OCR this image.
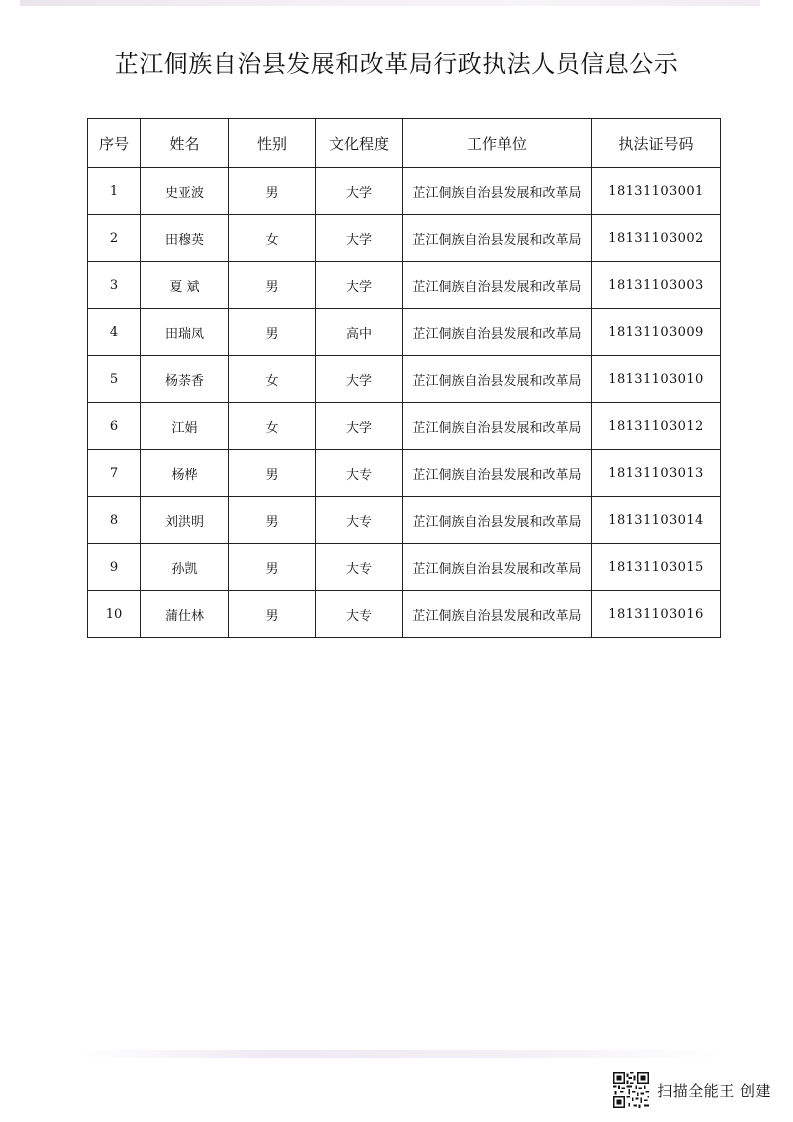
芷江侗族自治县发展和改革局行政执法人员信息公示
序号	姓名	性别	文化程度	工作单位	执法证号码
1	史亚波	男	大学	芷江侗族自治县发展和改革局	18131103001
2	田穆英	女	大学	芷江侗族自治县发展和改革局	18131103002
3	夏 斌	男	大学	芷江侗族自治县发展和改革局	18131103003
4	田瑞凤	男	高中	芷江侗族自治县发展和改革局	18131103009
5	杨荼香	女	大学	芷江侗族自治县发展和改革局	18131103010
6	江娟	女	大学	芷江侗族自治县发展和改革局	18131103012
7	杨桦	男	大专	芷江侗族自治县发展和改革局	18131103013
8	刘洪明	男	大专	芷江侗族自治县发展和改革局	18131103014
9	孙凯	男	大专	芷江侗族自治县发展和改革局	18131103015
10	蒲仕林	男	大专	芷江侗族自治县发展和改革局	18131103016
扫描全能王 创建
